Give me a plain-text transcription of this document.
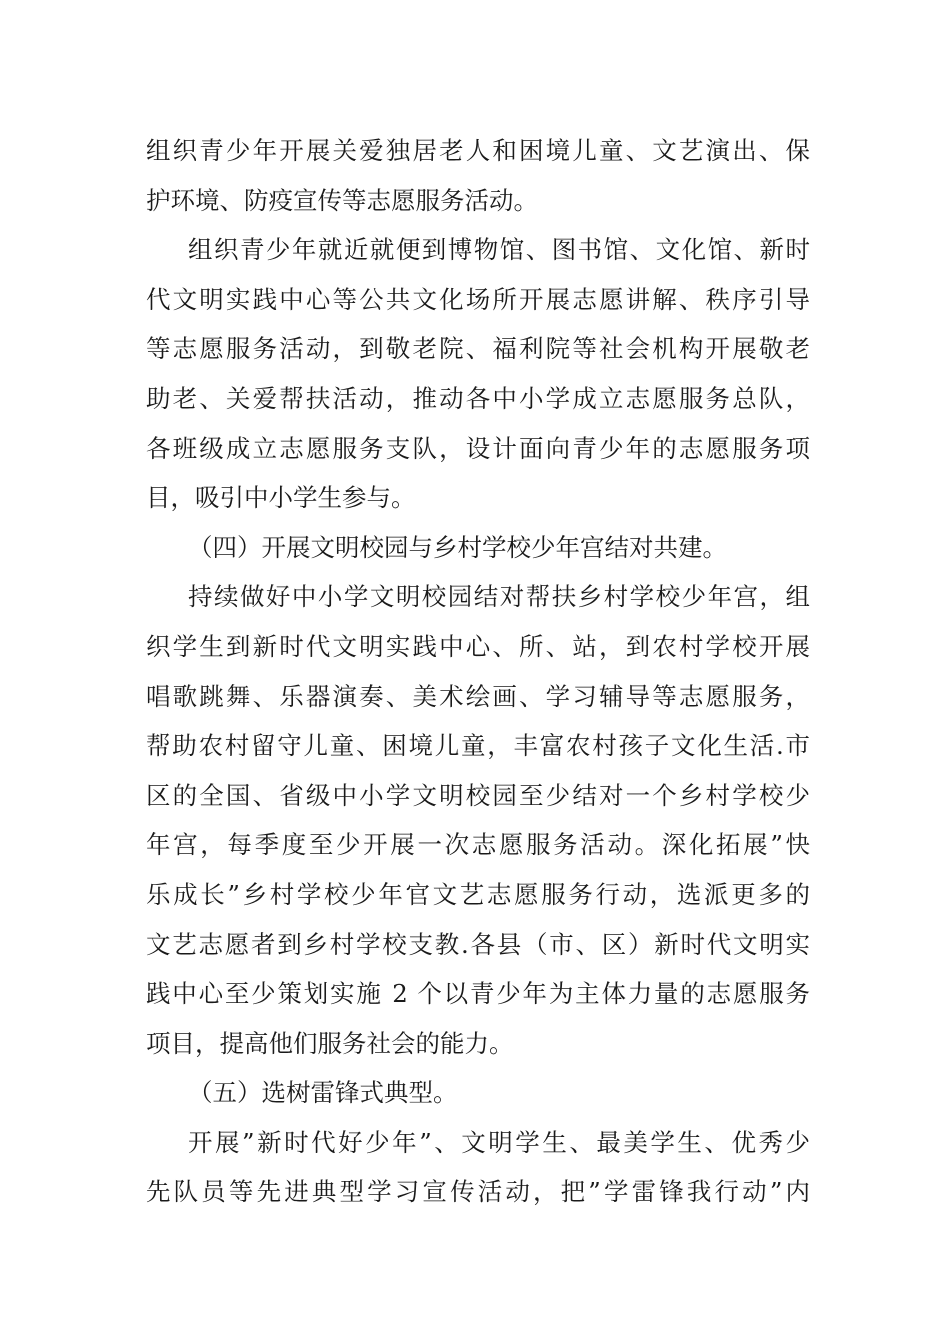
组织青少年开展关爱独居老人和困境儿童、文艺演出、保
护环境、防疫宣传等志愿服务活动。
组织青少年就近就便到博物馆、图书馆、文化馆、新时
代文明实践中心等公共文化场所开展志愿讲解、秩序引导
等志愿服务活动，到敬老院、福利院等社会机构开展敬老
助老、关爱帮扶活动，推动各中小学成立志愿服务总队，
各班级成立志愿服务支队，设计面向青少年的志愿服务项
目，吸引中小学生参与。
（四）开展文明校园与乡村学校少年宫结对共建。
持续做好中小学文明校园结对帮扶乡村学校少年宫，组
织学生到新时代文明实践中心、所、站，到农村学校开展
唱歌跳舞、乐器演奏、美术绘画、学习辅导等志愿服务，
帮助农村留守儿童、困境儿童，丰富农村孩子文化生活.市
区的全国、省级中小学文明校园至少结对一个乡村学校少
年宫，每季度至少开展一次志愿服务活动。深化拓展”快
乐成长”乡村学校少年官文艺志愿服务行动，选派更多的
文艺志愿者到乡村学校支教.各县（市、区）新时代文明实
践中心至少策划实施 2 个以青少年为主体力量的志愿服务
项目，提高他们服务社会的能力。
（五）选树雷锋式典型。
开展”新时代好少年”、文明学生、最美学生、优秀少
先队员等先进典型学习宣传活动，把”学雷锋我行动”内
